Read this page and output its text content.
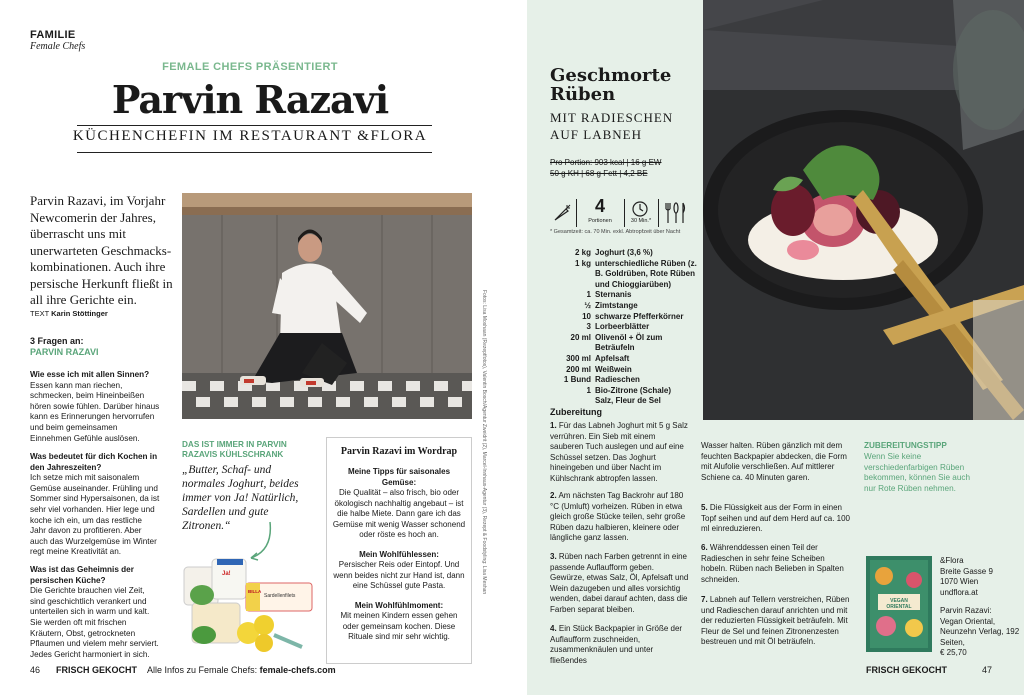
FAMILIE
Female Chefs
FEMALE CHEFS PRÄSENTIERT
Parvin Razavi
KÜCHENCHEFIN IM RESTAURANT &FLORA
Parvin Razavi, im Vorjahr Newcomerin der Jahres, überrascht uns mit unerwarteten Geschmackskombinationen. Auch ihre persische Herkunft fließt in all ihre Gerichte ein.
TEXT Karin Stöttinger
3 Fragen an:
PARVIN RAZAVI
Wie esse ich mit allen Sinnen?
Essen kann man riechen, schmecken, beim Hineinbeißen hören sowie fühlen. Darüber hinaus kann es Erinnerungen hervorrufen und beim gemeinsamen Einnehmen Gefühle auslösen.
Was bedeutet für dich Kochen in den Jahreszeiten?
Ich setze mich mit saisonalem Gemüse auseinander. Frühling und Sommer sind Hypersaisonen, da ist sehr viel vorhanden. Hier lege und koche ich ein, um das restliche Jahr davon zu profitieren. Aber auch das Wurzelgemüse im Winter regt meine Kreativität an.
Was ist das Geheimnis der persischen Küche?
Die Gerichte brauchen viel Zeit, sind geschichtlich verankert und unterteilen sich in warm und kalt. Sie werden oft mit frischen Kräutern, Obst, getrockneten Pflaumen und vielem mehr serviert. Jedes Gericht harmoniert in sich.
DAS IST IMMER IN PARVIN RAZAVIS KÜHLSCHRANK
„Butter, Schaf- und normales Joghurt, beides immer von Ja! Natürlich, Sardellen und gute Zitronen.“
Ja!
Sardellenfilets
BILLA
Parvin Razavi im Wordrap
Meine Tipps für saisonales Gemüse:
Die Qualität – also frisch, bio oder ökologisch nachhaltig angebaut – ist die halbe Miete. Dann gare ich das Gemüse mit wenig Wasser schonend oder röste es hoch an.
Mein Wohlfühlessen:
Persischer Reis oder Eintopf. Und wenn beides nicht zur Hand ist, dann eine Schüssel gute Pasta.
Mein Wohlfühlmoment:
Mit meinen Kindern essen gehen oder gemeinsam kochen. Diese Rituale sind mir sehr wichtig.
Fotos: Lisa Moshaan (Rezeptfotos), Valentin Bosch/Agentur Zweidrit (2), Marcel-Innhaus-Agentur (3), Rezept & Foodstyling: Lisa Meshan
46 FRISCH GEKOCHT Alle Infos zu Female Chefs: female-chefs.com
Geschmorte Rüben
MIT RADIESCHEN AUF LABNEH
Pro Portion: 903 kcal | 16 g EW
50 g KH | 68 g Fett | 4,2 BE
4
Portionen	30 Min.*
* Gesamtzeit: ca. 70 Min. exkl. Abtropfzeit über Nacht
2 kg Joghurt (3,6 %)
1 kg unterschiedliche Rüben (z. B. Goldrüben, Rote Rüben und Chioggiarüben)
1 Sternanis
½ Zimtstange
10 schwarze Pfefferkörner
3 Lorbeerblätter
20 ml Olivenöl + Öl zum Beträufeln
300 ml Apfelsaft
200 ml Weißwein
1 Bund Radieschen
1 Bio-Zitrone (Schale)
Salz, Fleur de Sel
Zubereitung
1. Für das Labneh Joghurt mit 5 g Salz verrühren. Ein Sieb mit einem sauberen Tuch auslegen und auf eine Schüssel setzen. Das Joghurt hineingeben und über Nacht im Kühlschrank abtropfen lassen.
2. Am nächsten Tag Backrohr auf 180 °C (Umluft) vorheizen. Rüben in etwa gleich große Stücke teilen, sehr große Rüben dazu halbieren, kleinere oder längliche ganz lassen.
3. Rüben nach Farben getrennt in eine passende Auflaufform geben. Gewürze, etwas Salz, Öl, Apfelsaft und Wein dazugeben und alles vorsichtig wenden, dabei darauf achten, dass die Farben separat bleiben.
4. Ein Stück Backpapier in Größe der Auflaufform zuschneiden, zusammenknäulen und unter fließendes
Wasser halten. Rüben gänzlich mit dem feuchten Backpapier abdecken, die Form mit Alufolie verschließen. Auf mittlerer Schiene ca. 40 Minuten garen.
5. Die Flüssigkeit aus der Form in einen Topf seihen und auf dem Herd auf ca. 100 ml einreduzieren.
6. Währenddessen einen Teil der Radieschen in sehr feine Scheiben hobeln. Rüben nach Belieben in Spalten schneiden.
7. Labneh auf Tellern verstreichen, Rüben und Radieschen darauf anrichten und mit der reduzierten Flüssigkeit beträufeln. Mit Fleur de Sel und feinen Zitronenzesten bestreuen und mit Öl beträufeln.
ZUBEREITUNGSTIPP
Wenn Sie keine verschiedenfarbigen Rüben bekommen, können Sie auch nur Rote Rüben nehmen.
VEGAN ORIENTAL
&Flora
Breite Gasse 9
1070 Wien
undflora.at
Parvin Razavi:
Vegan Oriental,
Neunzehn Verlag, 192 Seiten,
€ 25,70
FRISCH GEKOCHT	47
